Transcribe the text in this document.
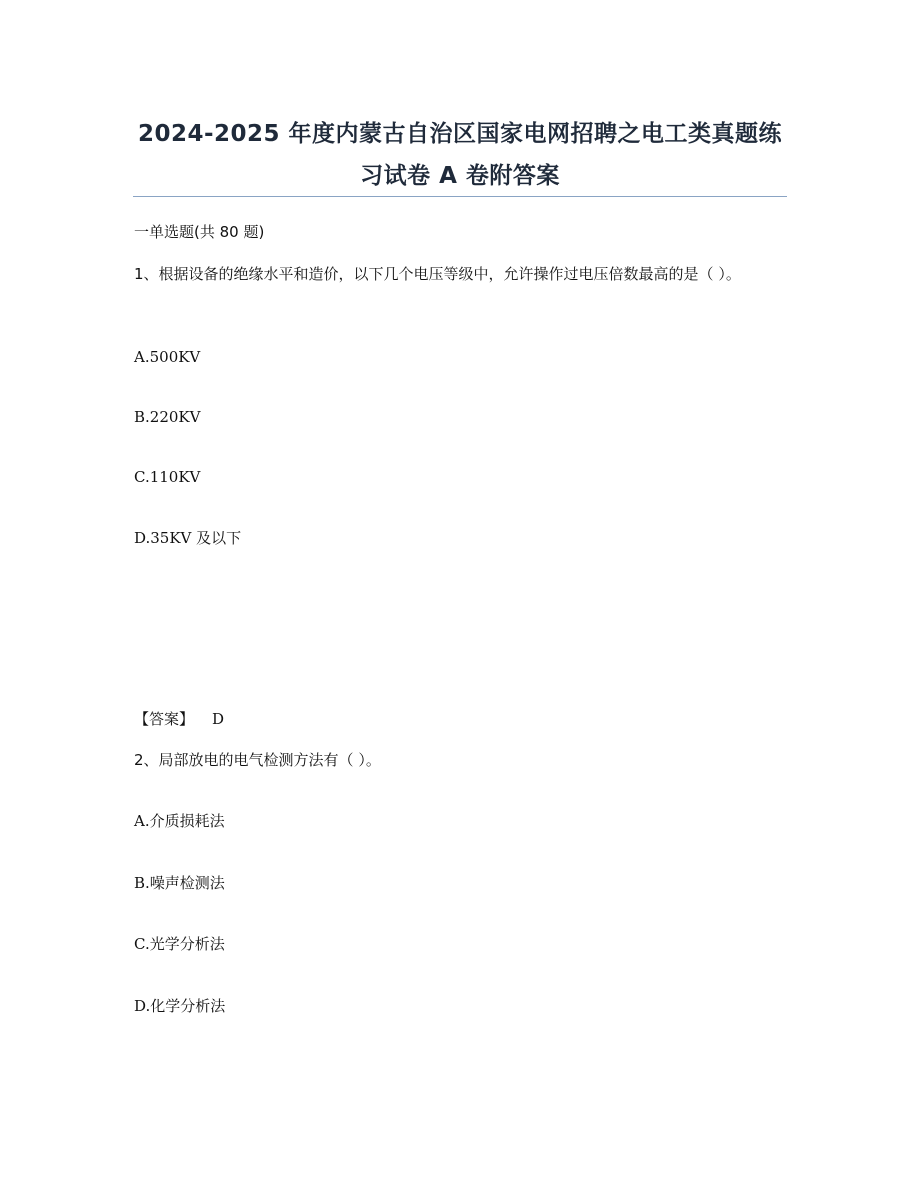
2024-2025 年度内蒙古自治区国家电网招聘之电工类真题练
习试卷 A 卷附答案
一单选题(共 80 题)
1、根据设备的绝缘水平和造价，以下几个电压等级中，允许操作过电压倍数最高的是（ ）。
A.500KV
B.220KV
C.110KV
D.35KV 及以下
【答案】 D
2、局部放电的电气检测方法有（ ）。
A.介质损耗法
B.噪声检测法
C.光学分析法
D.化学分析法
